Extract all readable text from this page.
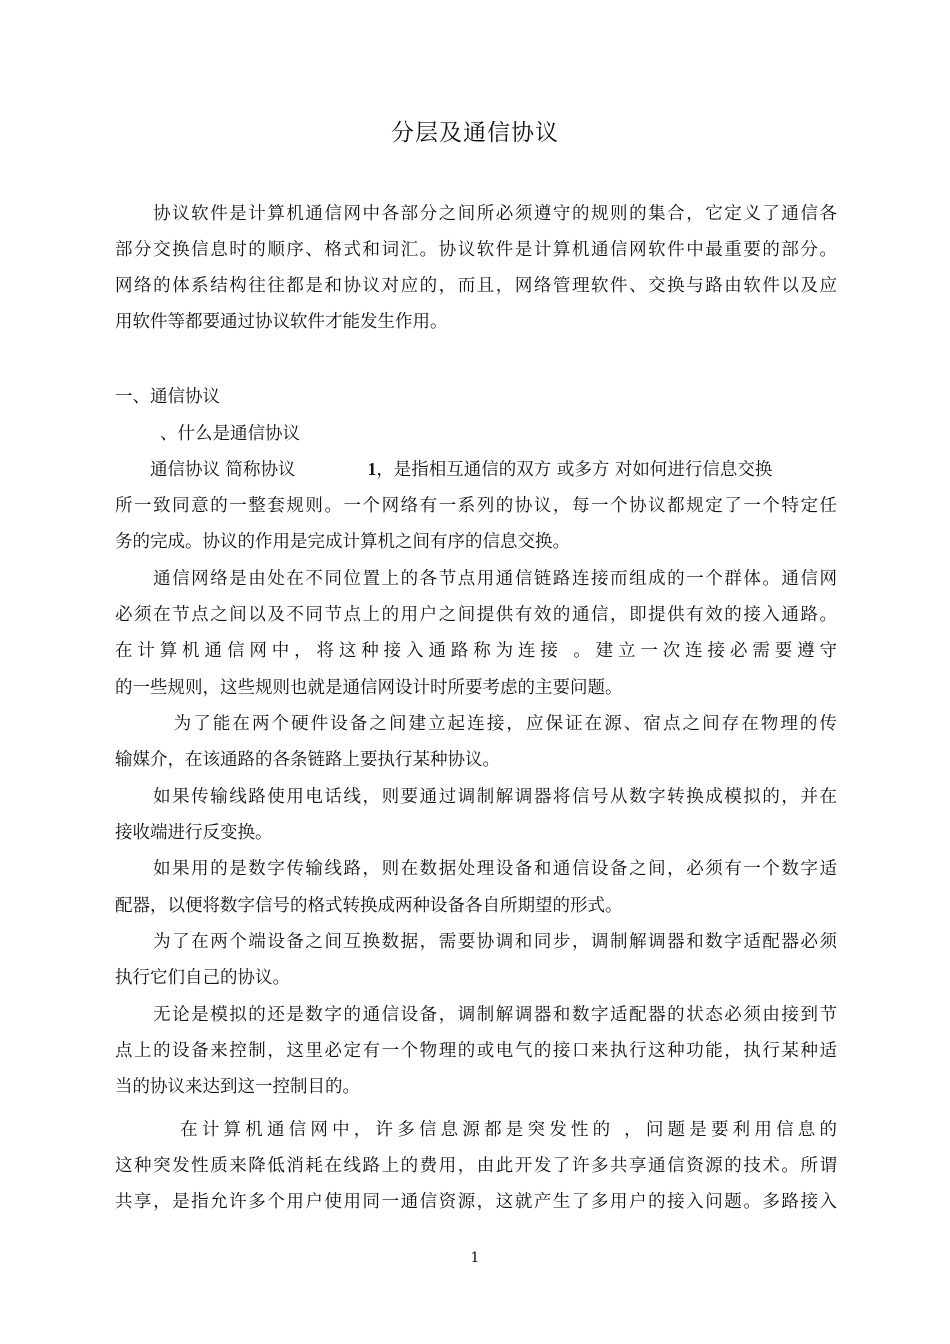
分层及通信协议
　　协议软件是计算机通信网中各部分之间所必须遵守的规则的集合，它定义了通信各
部分交换信息时的顺序、格式和词汇。协议软件是计算机通信网软件中最重要的部分。
网络的体系结构往往都是和协议对应的，而且，网络管理软件、交换与路由软件以及应
用软件等都要通过协议软件才能发生作用。
一、通信协议
、什么是通信协议
　　通信协议 简称协议	1，是指相互通信的双方 或多方 对如何进行信息交换
所一致同意的一整套规则。一个网络有一系列的协议，每一个协议都规定了一个特定任
务的完成。协议的作用是完成计算机之间有序的信息交换。
　　通信网络是由处在不同位置上的各节点用通信链路连接而组成的一个群体。通信网
必须在节点之间以及不同节点上的用户之间提供有效的通信，即提供有效的接入通路。
在计算机通信网中，将这种接入通路称为连接 。建立一次连接必需要遵守
的一些规则，这些规则也就是通信网设计时所要考虑的主要问题。
　　　为了能在两个硬件设备之间建立起连接，应保证在源、宿点之间存在物理的传
输媒介，在该通路的各条链路上要执行某种协议。
　　如果传输线路使用电话线，则要通过调制解调器将信号从数字转换成模拟的，并在
接收端进行反变换。
　　如果用的是数字传输线路，则在数据处理设备和通信设备之间，必须有一个数字适
配器，以便将数字信号的格式转换成两种设备各自所期望的形式。
　　为了在两个端设备之间互换数据，需要协调和同步，调制解调器和数字适配器必须
执行它们自己的协议。
　　无论是模拟的还是数字的通信设备，调制解调器和数字适配器的状态必须由接到节
点上的设备来控制，这里必定有一个物理的或电气的接口来执行这种功能，执行某种适
当的协议来达到这一控制目的。
　　　在计算机通信网中，许多信息源都是突发性的 ，问题是要利用信息的
这种突发性质来降低消耗在线路上的费用，由此开发了许多共享通信资源的技术。所谓
共享，是指允许多个用户使用同一通信资源，这就产生了多用户的接入问题。多路接入
1
